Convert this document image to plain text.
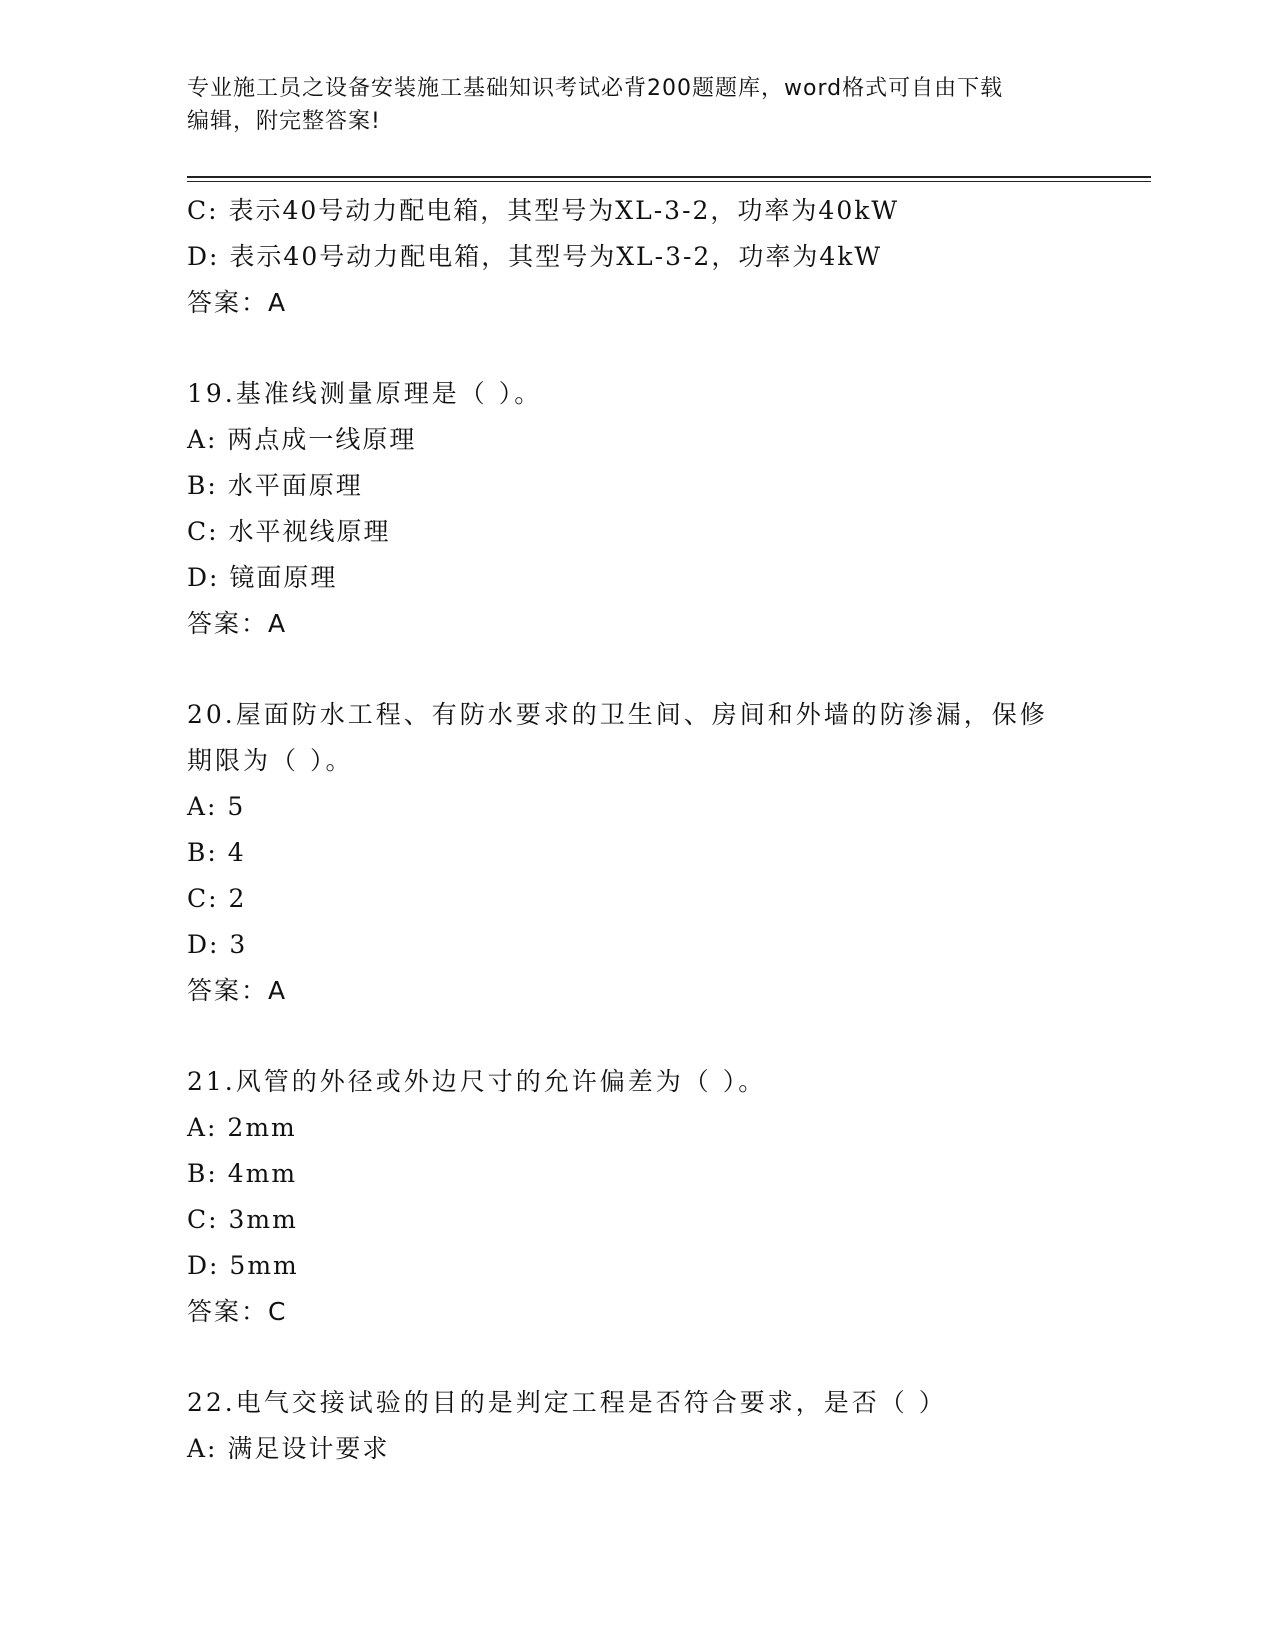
专业施工员之设备安装施工基础知识考试必背200题题库，word格式可自由下载
编辑，附完整答案!
C: 表示40号动力配电箱，其型号为XL-3-2，功率为40kW
D: 表示40号动力配电箱，其型号为XL-3-2，功率为4kW
答案：A
19.基准线测量原理是（ ）。
A: 两点成一线原理
B: 水平面原理
C: 水平视线原理
D: 镜面原理
答案：A
20.屋面防水工程、有防水要求的卫生间、房间和外墙的防渗漏，保修
期限为（ ）。
A: 5
B: 4
C: 2
D: 3
答案：A
21.风管的外径或外边尺寸的允许偏差为（ ）。
A: 2mm
B: 4mm
C: 3mm
D: 5mm
答案：C
22.电气交接试验的目的是判定工程是否符合要求，是否（ ）
A: 满足设计要求
